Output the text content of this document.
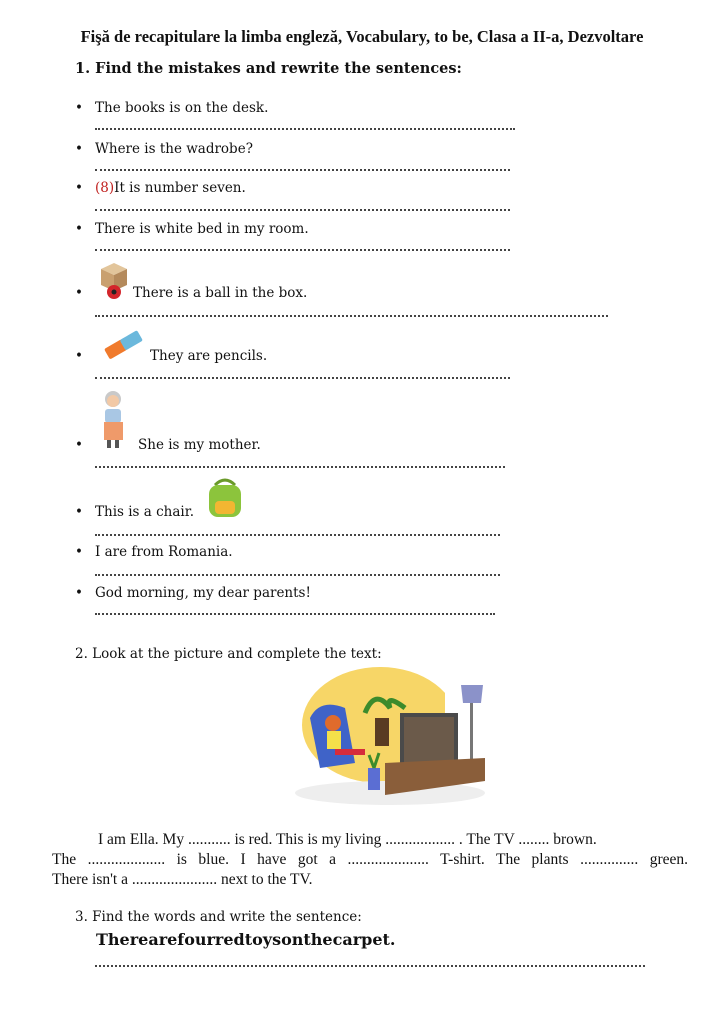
Fişă de recapitulare la limba engleză, Vocabulary, to be, Clasa a II-a, Dezvoltare
1. Find the mistakes and rewrite the sentences:
• The books is on the desk.
• Where is the wadrobe?
• (8)It is number seven.
• There is white bed in my room.
•	There is a ball in the box.
•	They are pencils.
•	She is my mother.
• This is a chair.
• I are from Romania.
• God morning, my dear parents!
2. Look at the picture and complete the text:

I am Ella. My ........... is red. This is my living .................. . The TV ........ brown.

The .................... is blue. I have got a ..................... T-shirt. The plants ............... green.

There isn't a ...................... next to the TV.

3. Find the words and write the sentence:
Therearefourredtoysonthecarpet.
